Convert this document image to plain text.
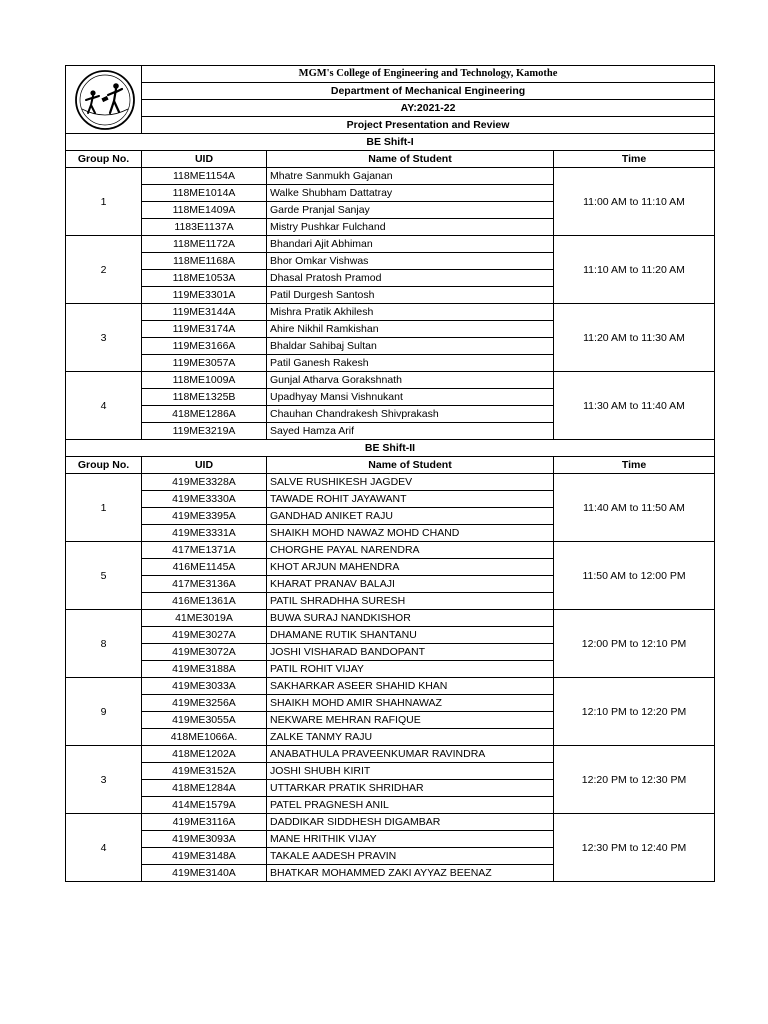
	MGM's College of Engineering and Technology, Kamothe		
		Department of Mechanical Engineering		
		AY:2021-22		
		Project Presentation and Review		
BE Shift-I				
Group No.		UID	Name of Student	Time
1		118ME1154A	Mhatre Sanmukh Gajanan	11:00 AM to 11:10 AM
		118ME1014A	Walke Shubham Dattatray	
		118ME1409A	Garde Pranjal Sanjay	
		1183E1137A	Mistry Pushkar Fulchand	
2		118ME1172A	Bhandari Ajit Abhiman	11:10 AM to 11:20 AM
		118ME1168A	Bhor Omkar Vishwas	
		118ME1053A	Dhasal Pratosh Pramod	
		119ME3301A	Patil Durgesh Santosh	
3		119ME3144A	Mishra Pratik Akhilesh	11:20 AM to 11:30 AM
		119ME3174A	Ahire Nikhil Ramkishan	
		119ME3166A	Bhaldar Sahibaj Sultan	
		119ME3057A	Patil Ganesh Rakesh	
4		118ME1009A	Gunjal Atharva Gorakshnath	11:30 AM to 11:40 AM
		118ME1325B	Upadhyay Mansi Vishnukant	
		418ME1286A	Chauhan Chandrakesh Shivprakash	
		119ME3219A	Sayed Hamza Arif	
BE Shift-II				
Group No.		UID	Name of Student	Time
1		419ME3328A	SALVE RUSHIKESH JAGDEV	11:40 AM to 11:50 AM
		419ME3330A	TAWADE ROHIT JAYAWANT	
		419ME3395A	GANDHAD ANIKET RAJU	
		419ME3331A	SHAIKH MOHD NAWAZ MOHD CHAND	
5		417ME1371A	CHORGHE PAYAL NARENDRA	11:50 AM to 12:00 PM
		416ME1145A	KHOT ARJUN MAHENDRA	
		417ME3136A	KHARAT PRANAV BALAJI	
		416ME1361A	PATIL SHRADHHA SURESH	
8		41ME3019A	BUWA SURAJ NANDKISHOR	12:00 PM to 12:10 PM
		419ME3027A	DHAMANE RUTIK SHANTANU	
		419ME3072A	JOSHI VISHARAD BANDOPANT	
		419ME3188A	PATIL ROHIT VIJAY	
9		419ME3033A	SAKHARKAR ASEER SHAHID KHAN	12:10 PM to 12:20 PM
		419ME3256A	SHAIKH MOHD AMIR SHAHNAWAZ	
		419ME3055A	NEKWARE MEHRAN RAFIQUE	
		418ME1066A.	ZALKE TANMY RAJU	
3		418ME1202A	ANABATHULA PRAVEENKUMAR RAVINDRA	12:20 PM to 12:30 PM
		419ME3152A	JOSHI SHUBH KIRIT	
		418ME1284A	UTTARKAR PRATIK SHRIDHAR	
		414ME1579A	PATEL PRAGNESH ANIL	
4		419ME3116A	DADDIKAR SIDDHESH DIGAMBAR	12:30 PM to 12:40 PM
		419ME3093A	MANE HRITHIK VIJAY	
		419ME3148A	TAKALE AADESH PRAVIN	
		419ME3140A	BHATKAR MOHAMMED ZAKI AYYAZ BEENAZ	
